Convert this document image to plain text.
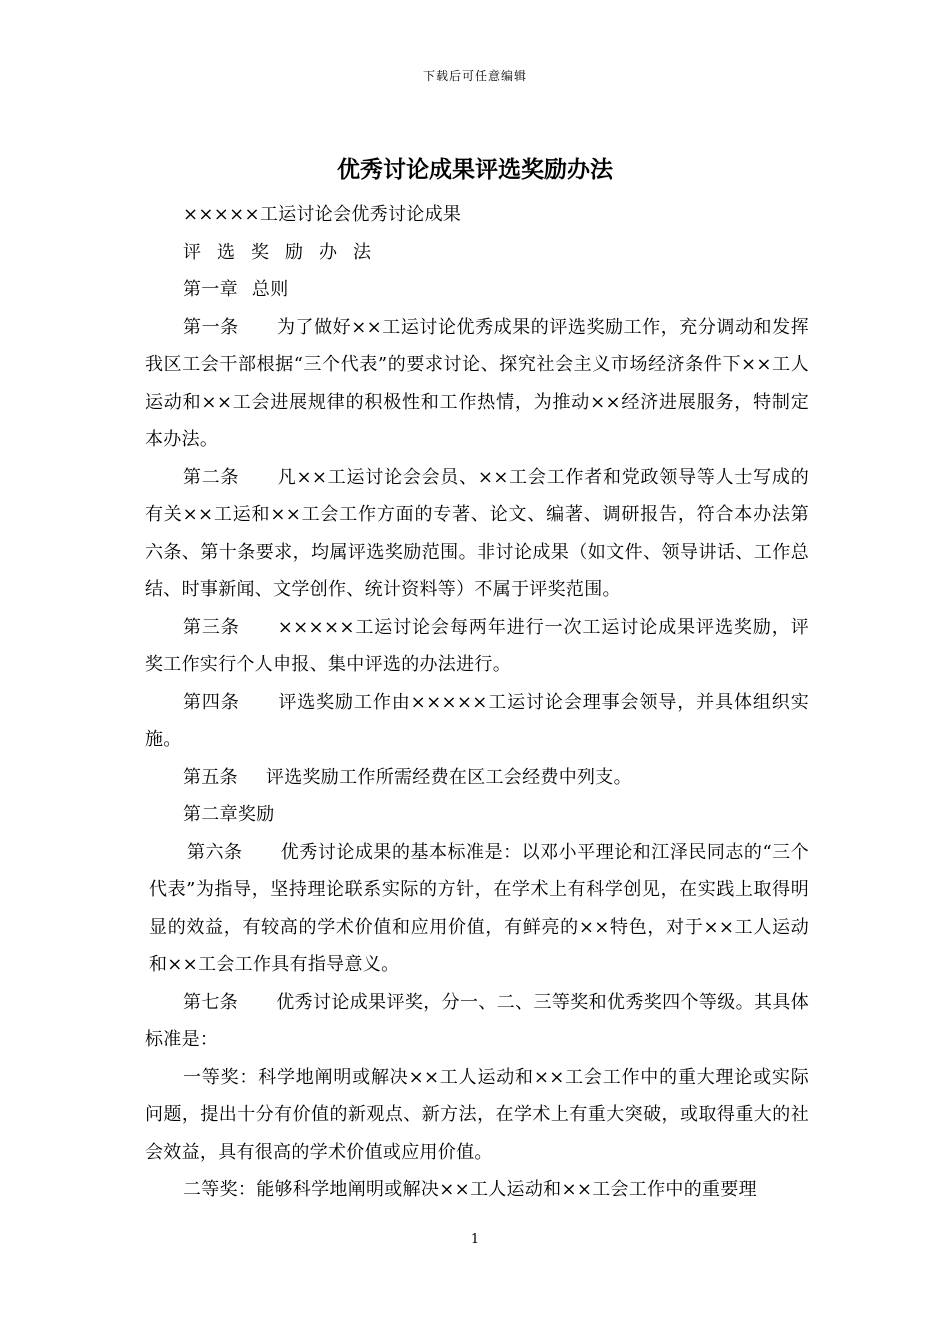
下载后可任意编辑
优秀讨论成果评选奖励办法

×××××工运讨论会优秀讨论成果

评选奖励办法

第一章 总则

第一条 为了做好××工运讨论优秀成果的评选奖励工作，充分调动和发挥我区工会干部根据“三个代表”的要求讨论、探究社会主义市场经济条件下××工人运动和××工会进展规律的积极性和工作热情，为推动××经济进展服务，特制定本办法。

第二条 凡××工运讨论会会员、××工会工作者和党政领导等人士写成的有关××工运和××工会工作方面的专著、论文、编著、调研报告，符合本办法第六条、第十条要求，均属评选奖励范围。非讨论成果（如文件、领导讲话、工作总结、时事新闻、文学创作、统计资料等）不属于评奖范围。

第三条 ×××××工运讨论会每两年进行一次工运讨论成果评选奖励，评奖工作实行个人申报、集中评选的办法进行。

第四条 评选奖励工作由×××××工运讨论会理事会领导，并具体组织实施。

第五条 评选奖励工作所需经费在区工会经费中列支。

第二章奖励

第六条 优秀讨论成果的基本标准是：以邓小平理论和江泽民同志的“三个代表”为指导，坚持理论联系实际的方针，在学术上有科学创见，在实践上取得明显的效益，有较高的学术价值和应用价值，有鲜亮的××特色，对于××工人运动和××工会工作具有指导意义。

第七条 优秀讨论成果评奖，分一、二、三等奖和优秀奖四个等级。其具体标准是：

一等奖：科学地阐明或解决××工人运动和××工会工作中的重大理论或实际问题，提出十分有价值的新观点、新方法，在学术上有重大突破，或取得重大的社会效益，具有很高的学术价值或应用价值。

二等奖：能够科学地阐明或解决××工人运动和××工会工作中的重要理

1
